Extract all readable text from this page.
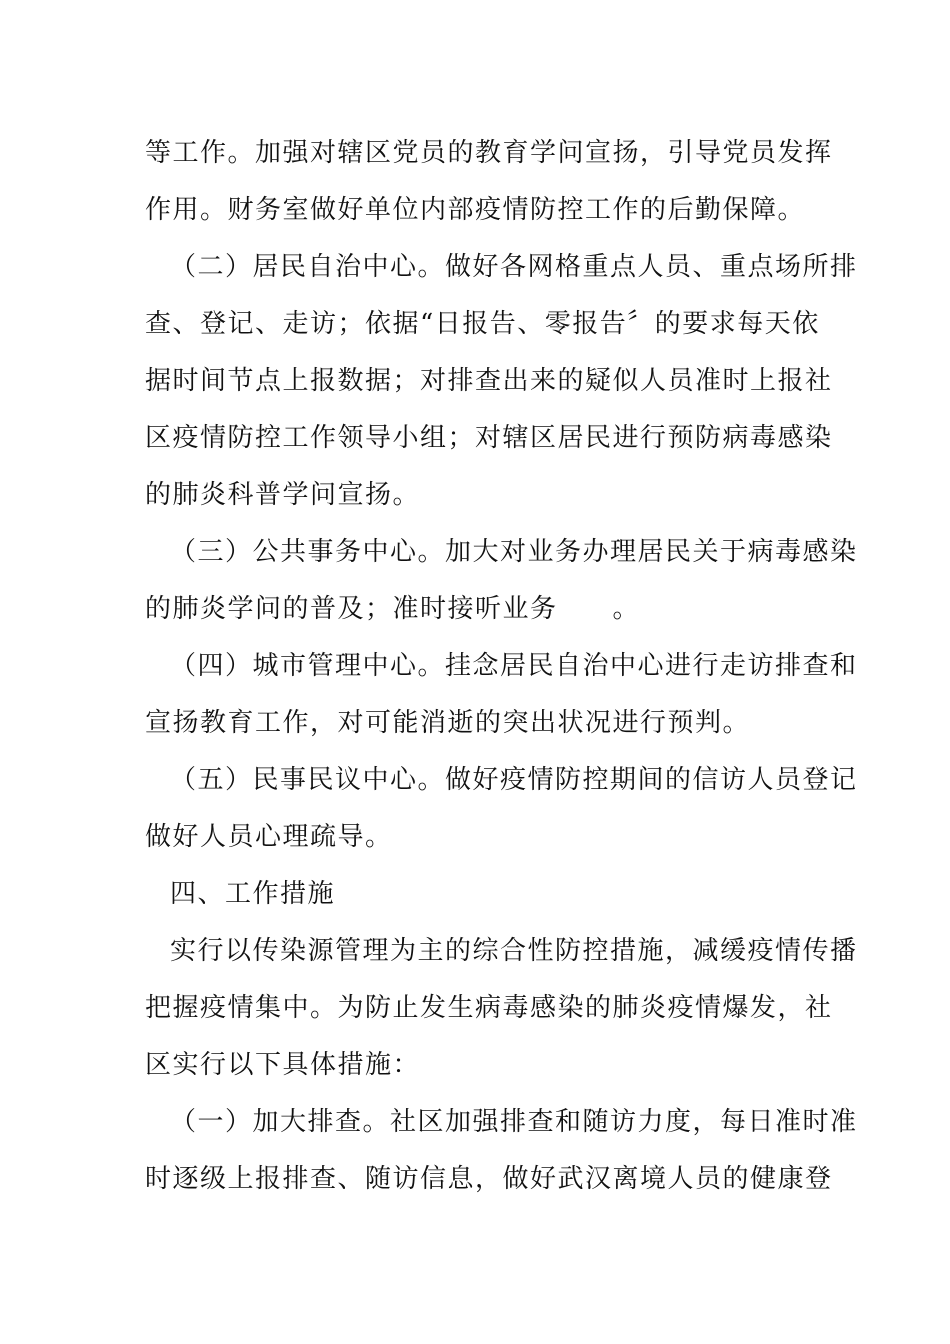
等工作。加强对辖区党员的教育学问宣扬，引导党员发挥

作用。财务室做好单位内部疫情防控工作的后勤保障。

（二）居民自治中心。做好各网格重点人员、重点场所排

查、登记、走访；依据“日报告、零报告〞的要求每天依

据时间节点上报数据；对排查出来的疑似人员准时上报社

区疫情防控工作领导小组；对辖区居民进行预防病毒感染

的肺炎科普学问宣扬。

（三）公共事务中心。加大对业务办理居民关于病毒感染

的肺炎学问的普及；准时接听业务　　。

（四）城市管理中心。挂念居民自治中心进行走访排查和

宣扬教育工作，对可能消逝的突出状况进行预判。

（五）民事民议中心。做好疫情防控期间的信访人员登记

做好人员心理疏导。

四、工作措施

实行以传染源管理为主的综合性防控措施，减缓疫情传播

把握疫情集中。为防止发生病毒感染的肺炎疫情爆发，社

区实行以下具体措施：

（一）加大排查。社区加强排查和随访力度，每日准时准

时逐级上报排查、随访信息，做好武汉离境人员的健康登
